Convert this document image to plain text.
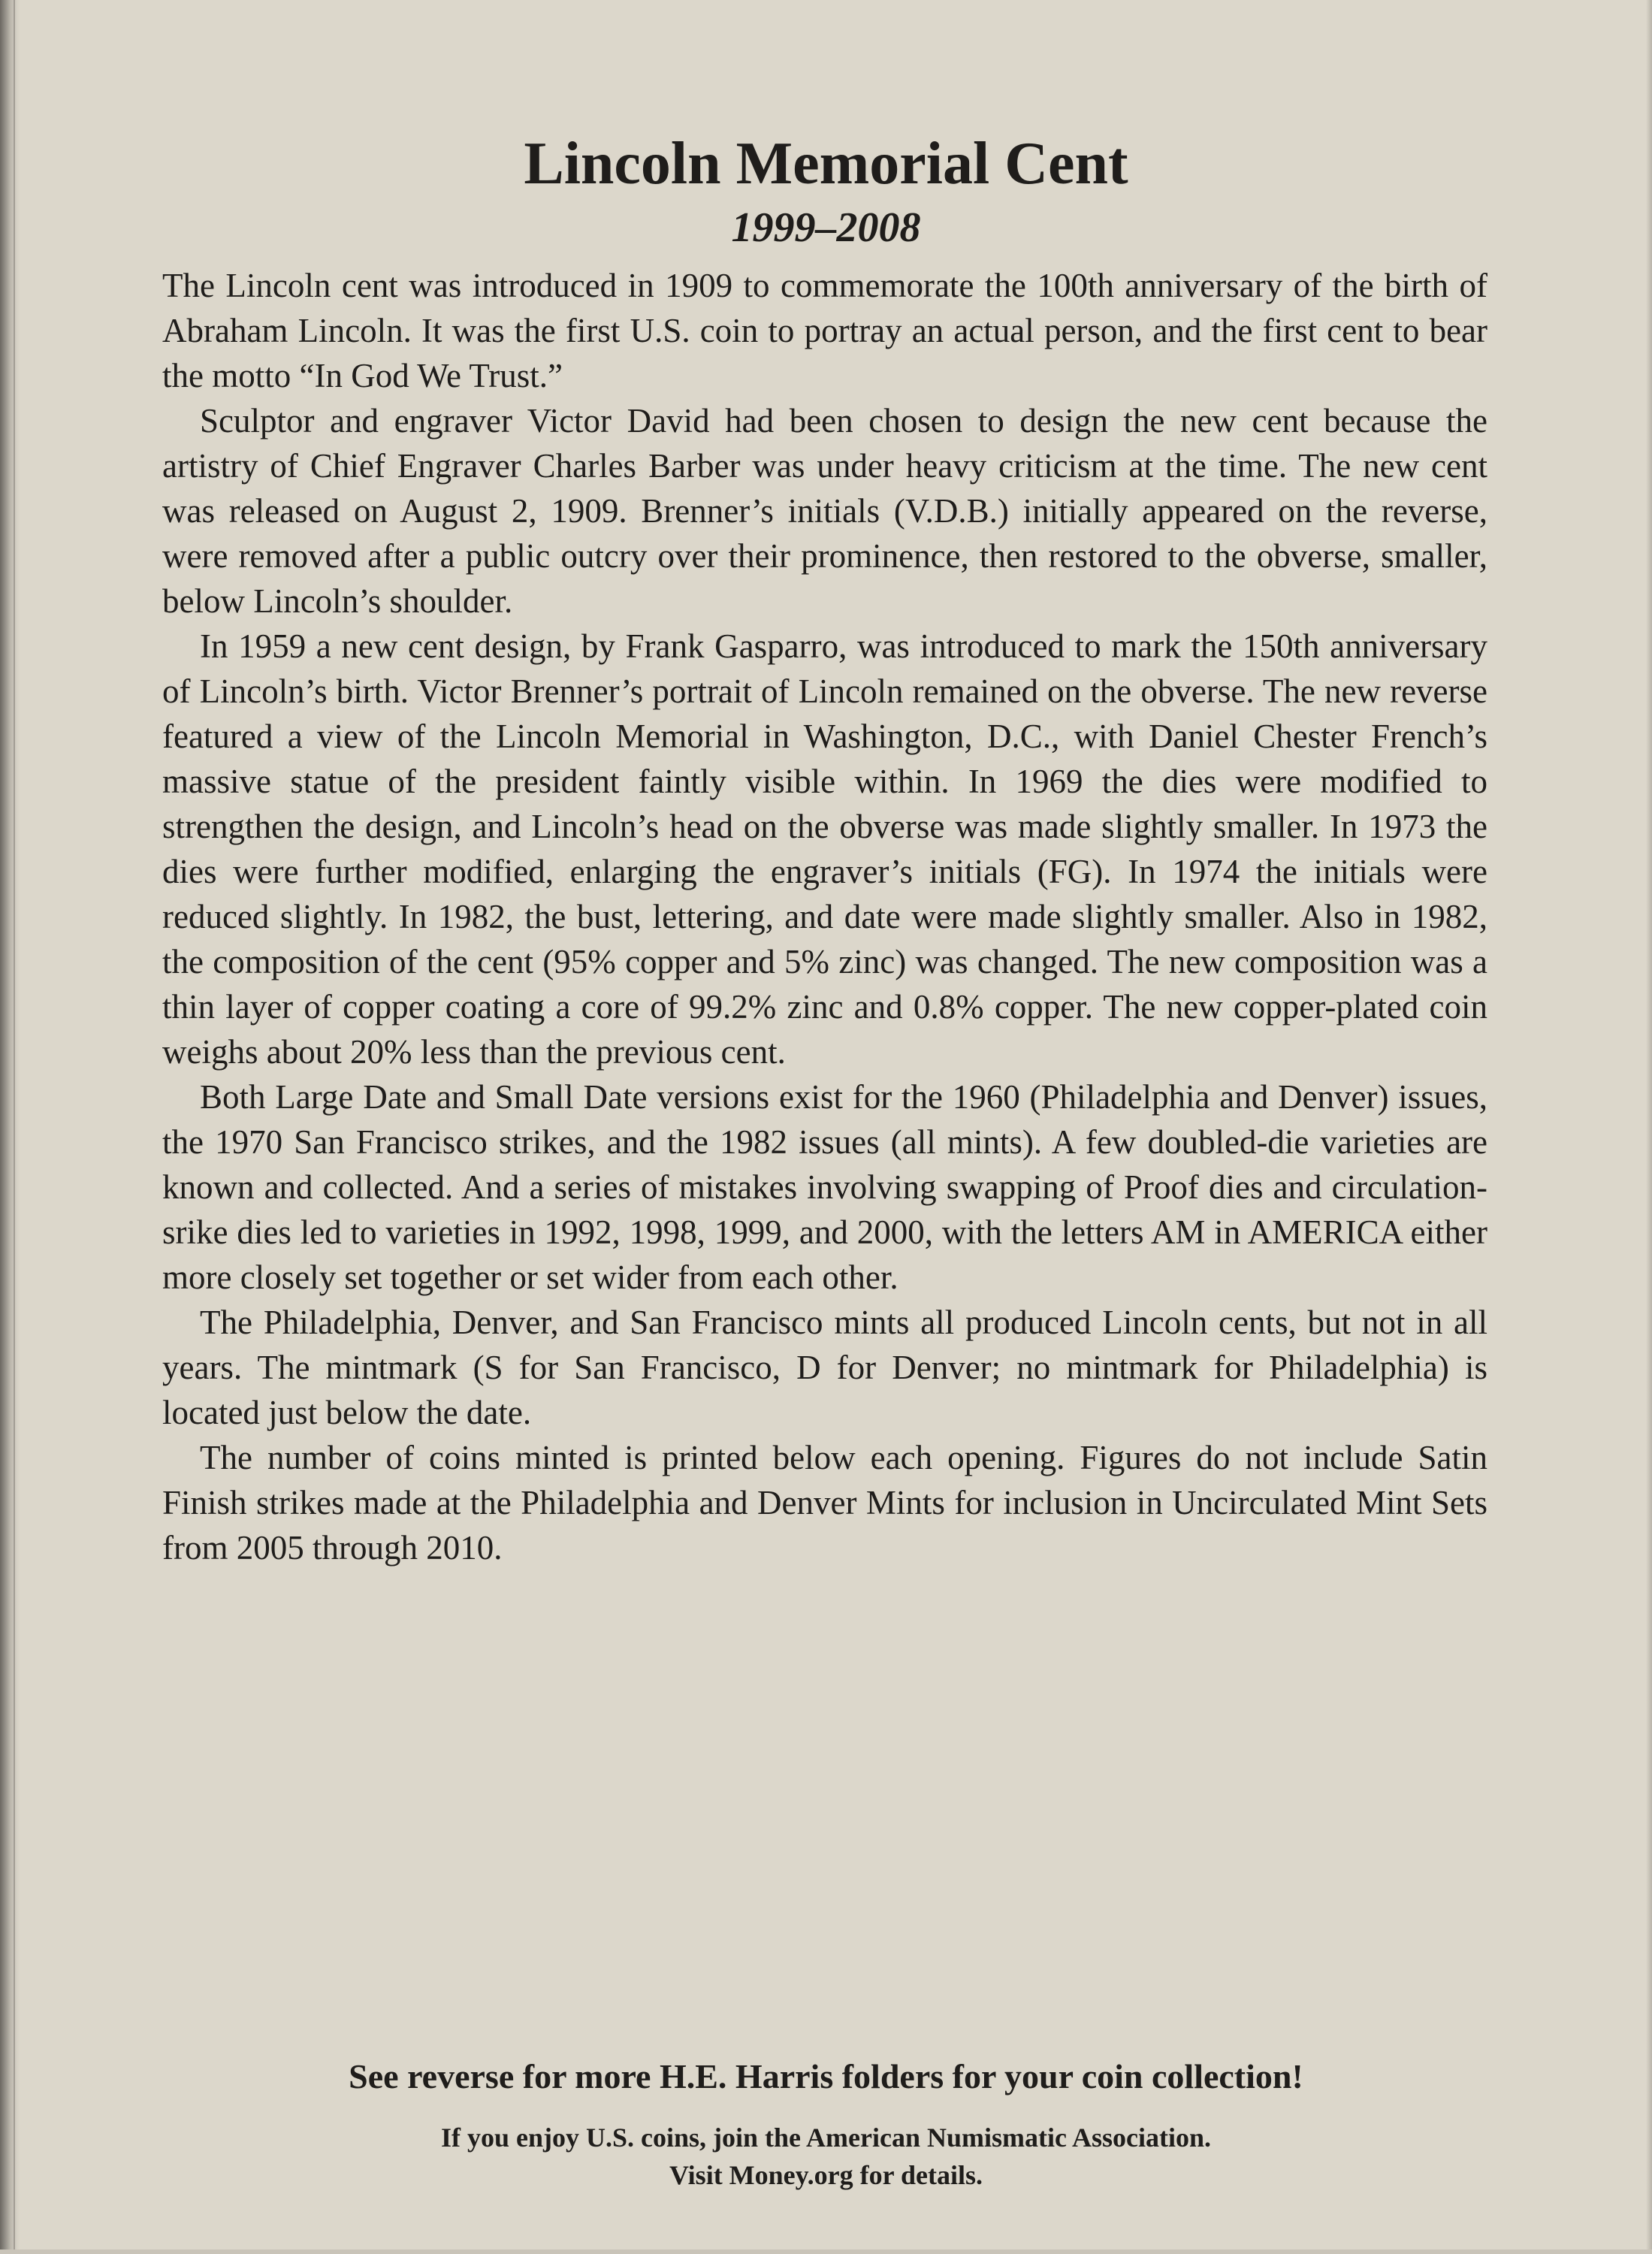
Lincoln Memorial Cent
1999–2008

The Lincoln cent was introduced in 1909 to commemorate the 100th anniversary of the birth of Abraham Lincoln. It was the first U.S. coin to portray an actual person, and the first cent to bear the motto “In God We Trust.”

Sculptor and engraver Victor David had been chosen to design the new cent because the artistry of Chief Engraver Charles Barber was under heavy criticism at the time. The new cent was released on August 2, 1909. Brenner’s initials (V.D.B.) initially appeared on the reverse, were removed after a public outcry over their prominence, then restored to the obverse, smaller, below Lincoln’s shoulder.

In 1959 a new cent design, by Frank Gasparro, was introduced to mark the 150th anniversary of Lincoln’s birth. Victor Brenner’s portrait of Lincoln remained on the obverse. The new reverse featured a view of the Lincoln Memorial in Washington, D.C., with Daniel Chester French’s massive statue of the president faintly visible within. In 1969 the dies were modified to strengthen the design, and Lincoln’s head on the obverse was made slightly smaller. In 1973 the dies were further modified, enlarging the engraver’s initials (FG). In 1974 the initials were reduced slightly. In 1982, the bust, lettering, and date were made slightly smaller. Also in 1982, the composition of the cent (95% copper and 5% zinc) was changed. The new composition was a thin layer of copper coating a core of 99.2% zinc and 0.8% copper. The new copper-plated coin weighs about 20% less than the previous cent.

Both Large Date and Small Date versions exist for the 1960 (Philadelphia and Denver) issues, the 1970 San Francisco strikes, and the 1982 issues (all mints). A few doubled-die varieties are known and collected. And a series of mistakes involving swapping of Proof dies and circulation-srike dies led to varieties in 1992, 1998, 1999, and 2000, with the letters AM in AMERICA either more closely set together or set wider from each other.

The Philadelphia, Denver, and San Francisco mints all produced Lincoln cents, but not in all years. The mintmark (S for San Francisco, D for Denver; no mintmark for Philadelphia) is located just below the date.

The number of coins minted is printed below each opening. Figures do not include Satin Finish strikes made at the Philadelphia and Denver Mints for inclusion in Uncirculated Mint Sets from 2005 through 2010.

See reverse for more H.E. Harris folders for your coin collection!

If you enjoy U.S. coins, join the American Numismatic Association.

Visit Money.org for details.
